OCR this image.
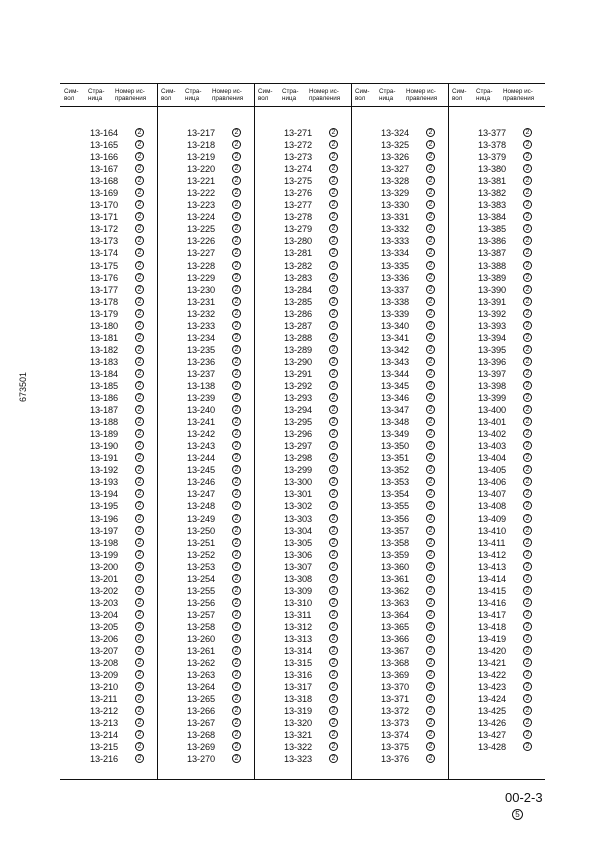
Сим-
вол
Стра-
ница
Номер ис-
правления
13-164	2
13-165	2
13-166	2
13-167	2
13-168	2
13-169	2
13-170	2
13-171	2
13-172	2
13-173	2
13-174	2
13-175	2
13-176	2
13-177	2
13-178	2
13-179	2
13-180	2
13-181	2
13-182	2
13-183	2
13-184	2
13-185	2
13-186	2
13-187	2
13-188	2
13-189	2
13-190	2
13-191	2
13-192	2
13-193	2
13-194	2
13-195	2
13-196	2
13-197	2
13-198	2
13-199	2
13-200	2
13-201	2
13-202	2
13-203	2
13-204	2
13-205	2
13-206	2
13-207	2
13-208	2
13-209	2
13-210	2
13-211	2
13-212	2
13-213	2
13-214	2
13-215	2
13-216	2
Сим-
вол
Стра-
ница
Номер ис-
правления
13-217	2
13-218	2
13-219	2
13-220	2
13-221	2
13-222	2
13-223	2
13-224	2
13-225	2
13-226	2
13-227	2
13-228	2
13-229	2
13-230	2
13-231	2
13-232	2
13-233	2
13-234	2
13-235	2
13-236	2
13-237	2
13-138	2
13-239	2
13-240	2
13-241	2
13-242	2
13-243	2
13-244	2
13-245	2
13-246	2
13-247	2
13-248	2
13-249	2
13-250	2
13-251	2
13-252	2
13-253	2
13-254	2
13-255	2
13-256	2
13-257	2
13-258	2
13-260	2
13-261	2
13-262	2
13-263	2
13-264	2
13-265	2
13-266	2
13-267	2
13-268	2
13-269	2
13-270	2
Сим-
вол
Стра-
ница
Номер ис-
правления
13-271	2
13-272	2
13-273	2
13-274	2
13-275	2
13-276	2
13-277	2
13-278	2
13-279	2
13-280	2
13-281	2
13-282	2
13-283	2
13-284	2
13-285	2
13-286	2
13-287	2
13-288	2
13-289	2
13-290	2
13-291	2
13-292	2
13-293	2
13-294	2
13-295	2
13-296	2
13-297	2
13-298	2
13-299	2
13-300	2
13-301	2
13-302	2
13-303	2
13-304	2
13-305	2
13-306	2
13-307	2
13-308	2
13-309	2
13-310	2
13-311	2
13-312	2
13-313	2
13-314	2
13-315	2
13-316	2
13-317	2
13-318	2
13-319	2
13-320	2
13-321	2
13-322	2
13-323	2
Сим-
вол
Стра-
ница
Номер ис-
правления
13-324	2
13-325	2
13-326	2
13-327	2
13-328	2
13-329	2
13-330	2
13-331	2
13-332	2
13-333	2
13-334	2
13-335	2
13-336	2
13-337	2
13-338	2
13-339	2
13-340	2
13-341	2
13-342	2
13-343	2
13-344	2
13-345	2
13-346	2
13-347	2
13-348	2
13-349	2
13-350	2
13-351	2
13-352	2
13-353	2
13-354	2
13-355	2
13-356	2
13-357	2
13-358	2
13-359	2
13-360	2
13-361	2
13-362	2
13-363	2
13-364	2
13-365	2
13-366	2
13-367	2
13-368	2
13-369	2
13-370	2
13-371	2
13-372	2
13-373	2
13-374	2
13-375	2
13-376	2
Сим-
вол
Стра-
ница
Номер ис-
правления
13-377	2
13-378	2
13-379	2
13-380	2
13-381	2
13-382	2
13-383	2
13-384	2
13-385	2
13-386	2
13-387	2
13-388	2
13-389	2
13-390	2
13-391	2
13-392	2
13-393	2
13-394	2
13-395	2
13-396	2
13-397	2
13-398	2
13-399	2
13-400	2
13-401	2
13-402	2
13-403	2
13-404	2
13-405	2
13-406	2
13-407	2
13-408	2
13-409	2
13-410	2
13-411	2
13-412	2
13-413	2
13-414	2
13-415	2
13-416	2
13-417	2
13-418	2
13-419	2
13-420	2
13-421	2
13-422	2
13-423	2
13-424	2
13-425	2
13-426	2
13-427	2
13-428	2
673501
00-2-3
5
